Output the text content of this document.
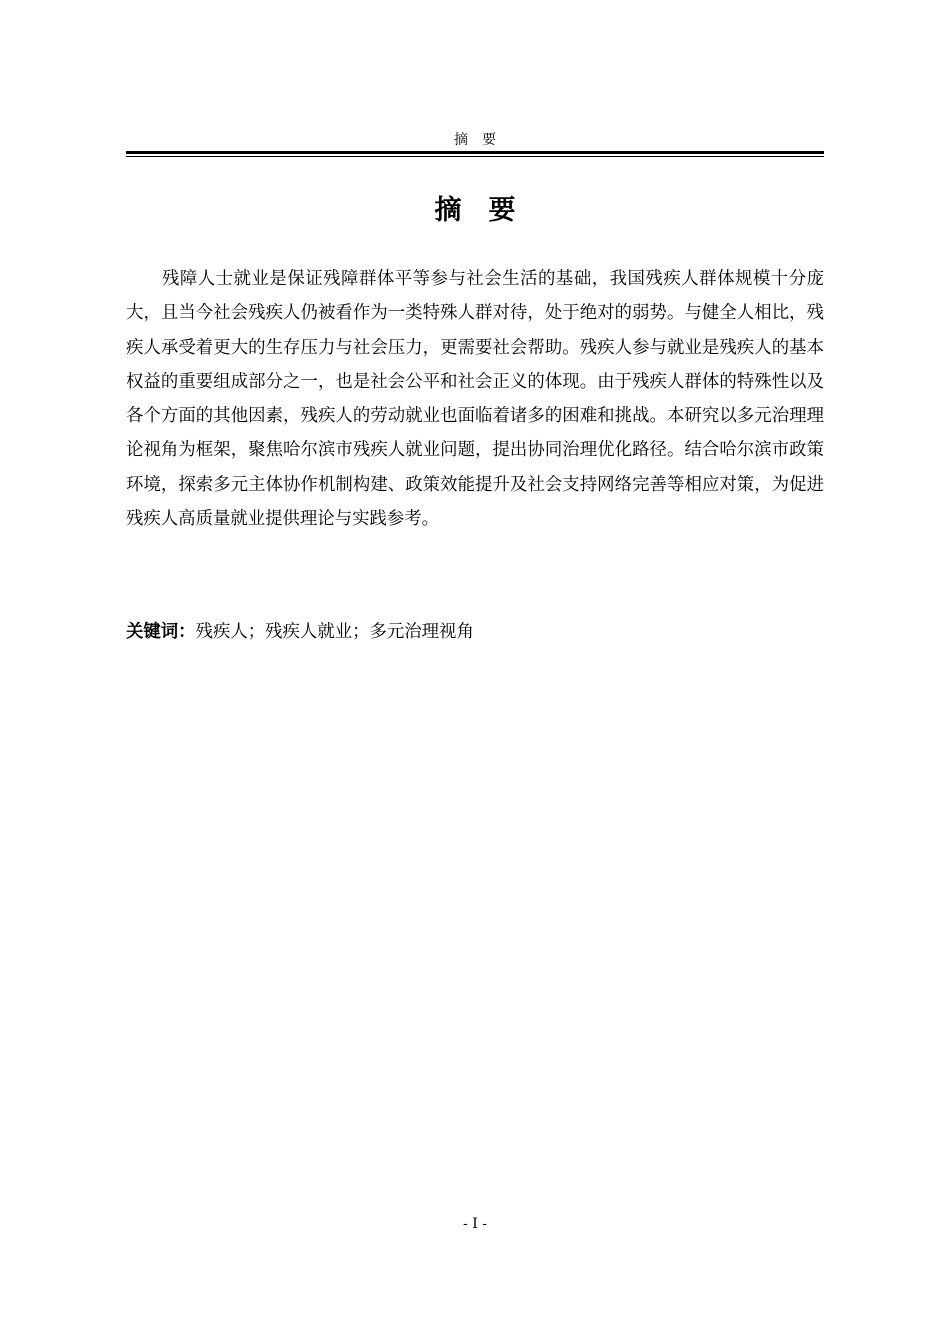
摘要
摘要

残障人士就业是保证残障群体平等参与社会生活的基础，我国残疾人群体规模十分庞大，且当今社会残疾人仍被看作为一类特殊人群对待，处于绝对的弱势。与健全人相比，残疾人承受着更大的生存压力与社会压力，更需要社会帮助。残疾人参与就业是残疾人的基本权益的重要组成部分之一，也是社会公平和社会正义的体现。由于残疾人群体的特殊性以及各个方面的其他因素，残疾人的劳动就业也面临着诸多的困难和挑战。本研究以多元治理理论视角为框架，聚焦哈尔滨市残疾人就业问题，提出协同治理优化路径。结合哈尔滨市政策环境，探索多元主体协作机制构建、政策效能提升及社会支持网络完善等相应对策，为促进残疾人高质量就业提供理论与实践参考。

关键词：残疾人；残疾人就业；多元治理视角
- I -
